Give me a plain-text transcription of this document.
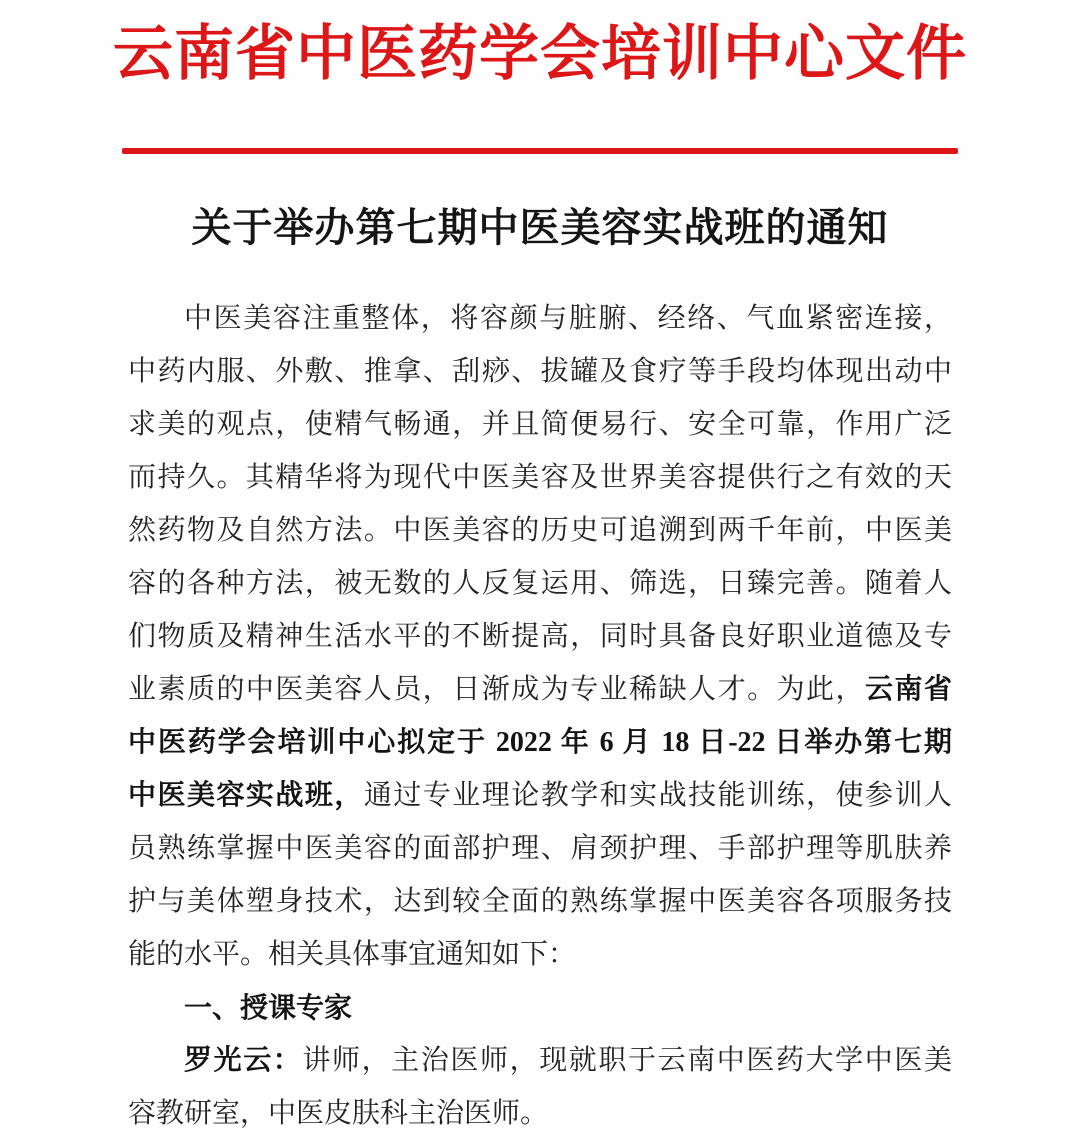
云南省中医药学会培训中心文件
关于举办第七期中医美容实战班的通知
中医美容注重整体，将容颜与脏腑、经络、气血紧密连接，
中药内服、外敷、推拿、刮痧、拔罐及食疗等手段均体现出动中
求美的观点，使精气畅通，并且简便易行、安全可靠，作用广泛
而持久。其精华将为现代中医美容及世界美容提供行之有效的天
然药物及自然方法。中医美容的历史可追溯到两千年前，中医美
容的各种方法，被无数的人反复运用、筛选，日臻完善。随着人
们物质及精神生活水平的不断提高，同时具备良好职业道德及专
业素质的中医美容人员，日渐成为专业稀缺人才。为此，云南省
中医药学会培训中心拟定于 2022 年 6 月 18 日-22 日举办第七期
中医美容实战班，通过专业理论教学和实战技能训练，使参训人
员熟练掌握中医美容的面部护理、肩颈护理、手部护理等肌肤养
护与美体塑身技术，达到较全面的熟练掌握中医美容各项服务技
能的水平。相关具体事宜通知如下：
一、授课专家
罗光云：讲师，主治医师，现就职于云南中医药大学中医美
容教研室，中医皮肤科主治医师。
